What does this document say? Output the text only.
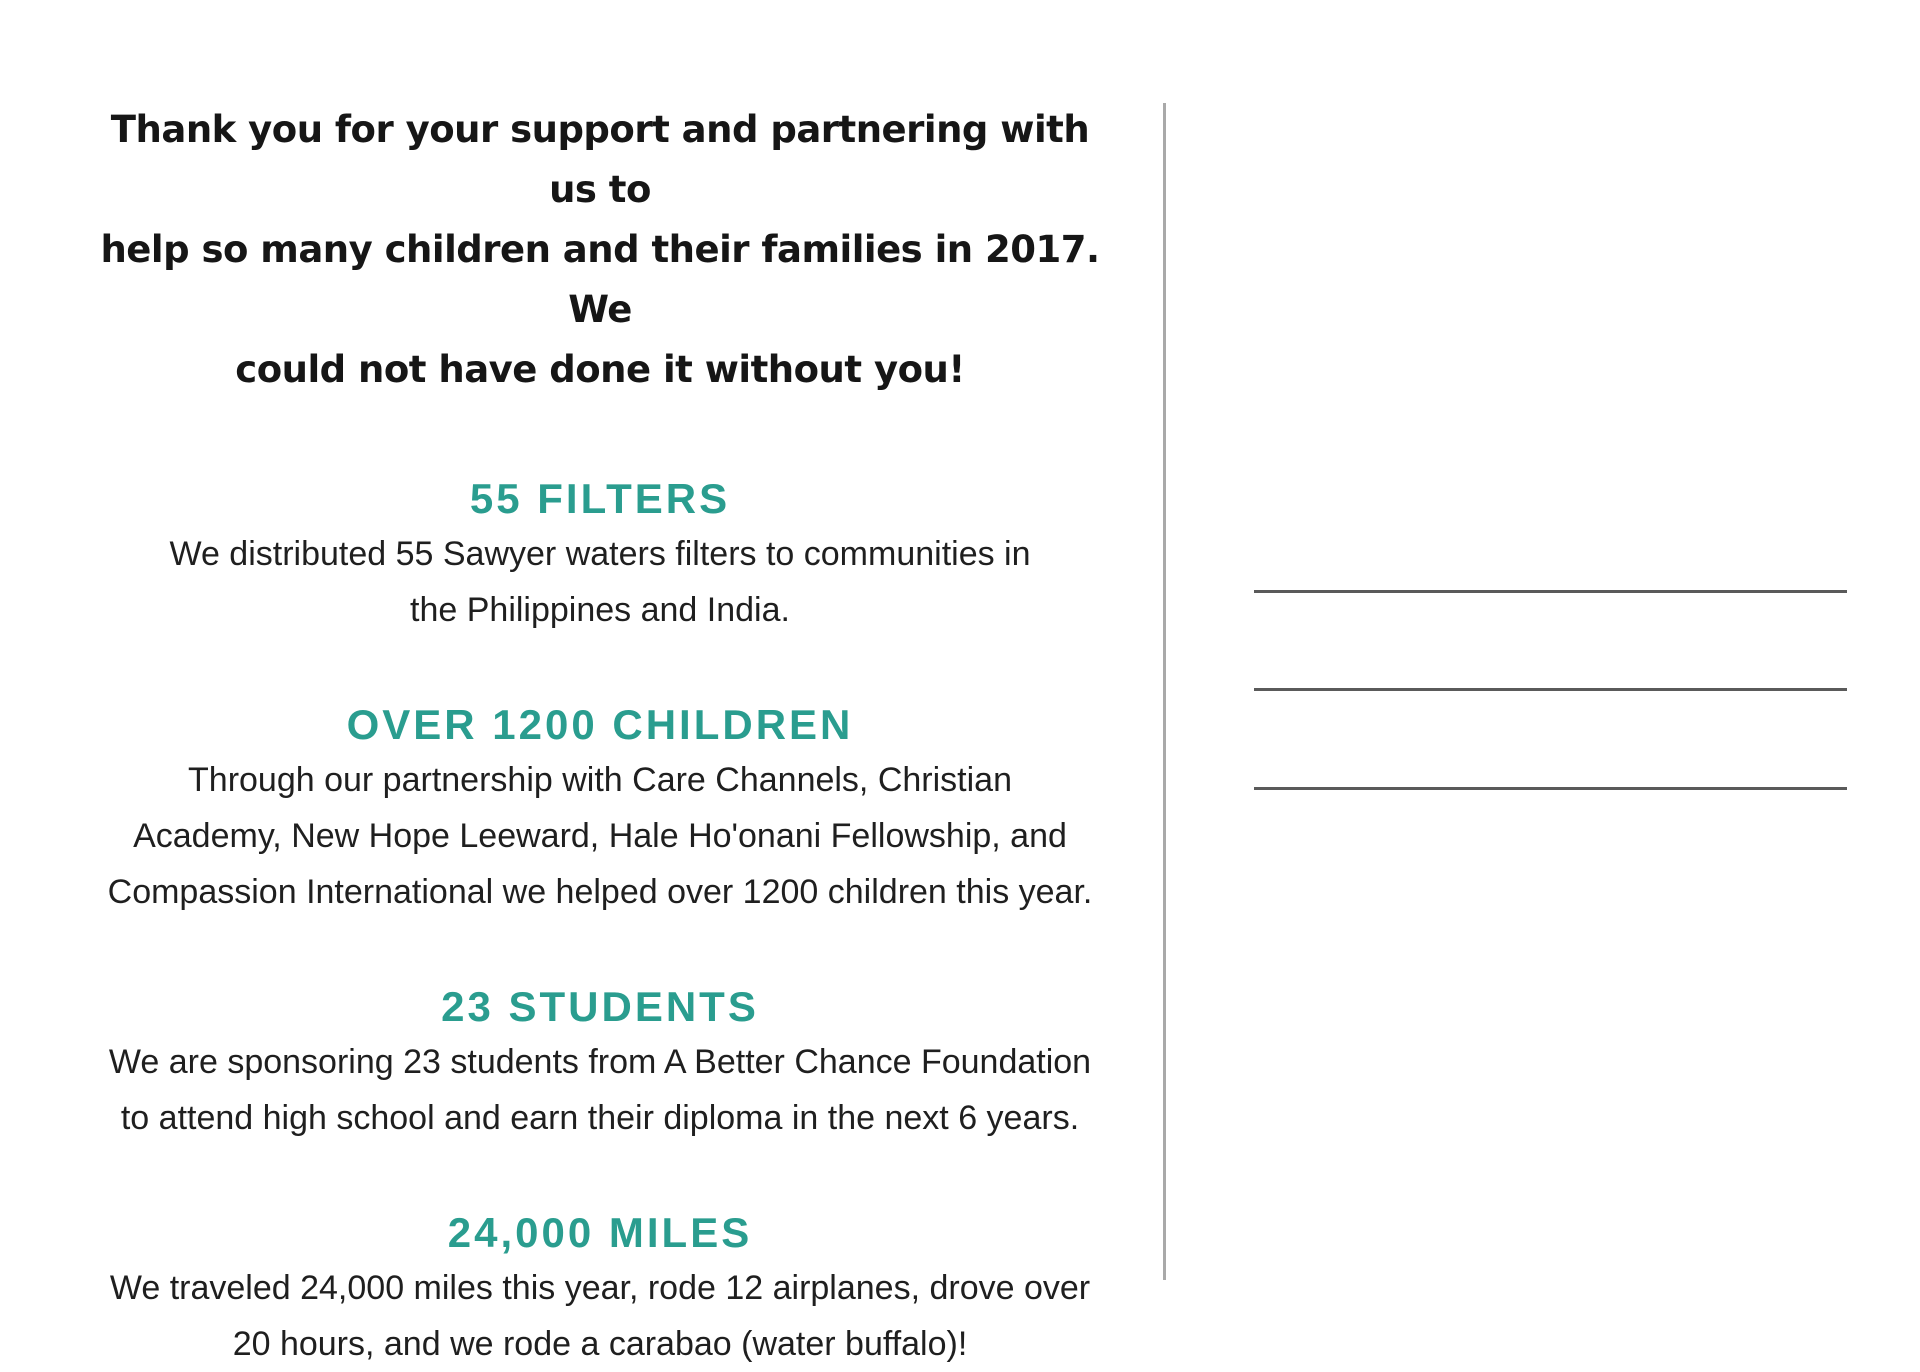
Thank you for your support and partnering with us to
help so many children and their families in 2017. We
could not have done it without you!
55 FILTERS
We distributed 55 Sawyer waters filters to communities in
the Philippines and India.
OVER 1200 CHILDREN
Through our partnership with Care Channels, Christian
Academy, New Hope Leeward, Hale Ho'onani Fellowship, and
Compassion International we helped over 1200 children this year.
23 STUDENTS
We are sponsoring 23 students from A Better Chance Foundation
to attend high school and earn their diploma in the next 6 years.
24,000 MILES
We traveled 24,000 miles this year, rode 12 airplanes, drove over
20 hours, and we rode a carabao (water buffalo)!
